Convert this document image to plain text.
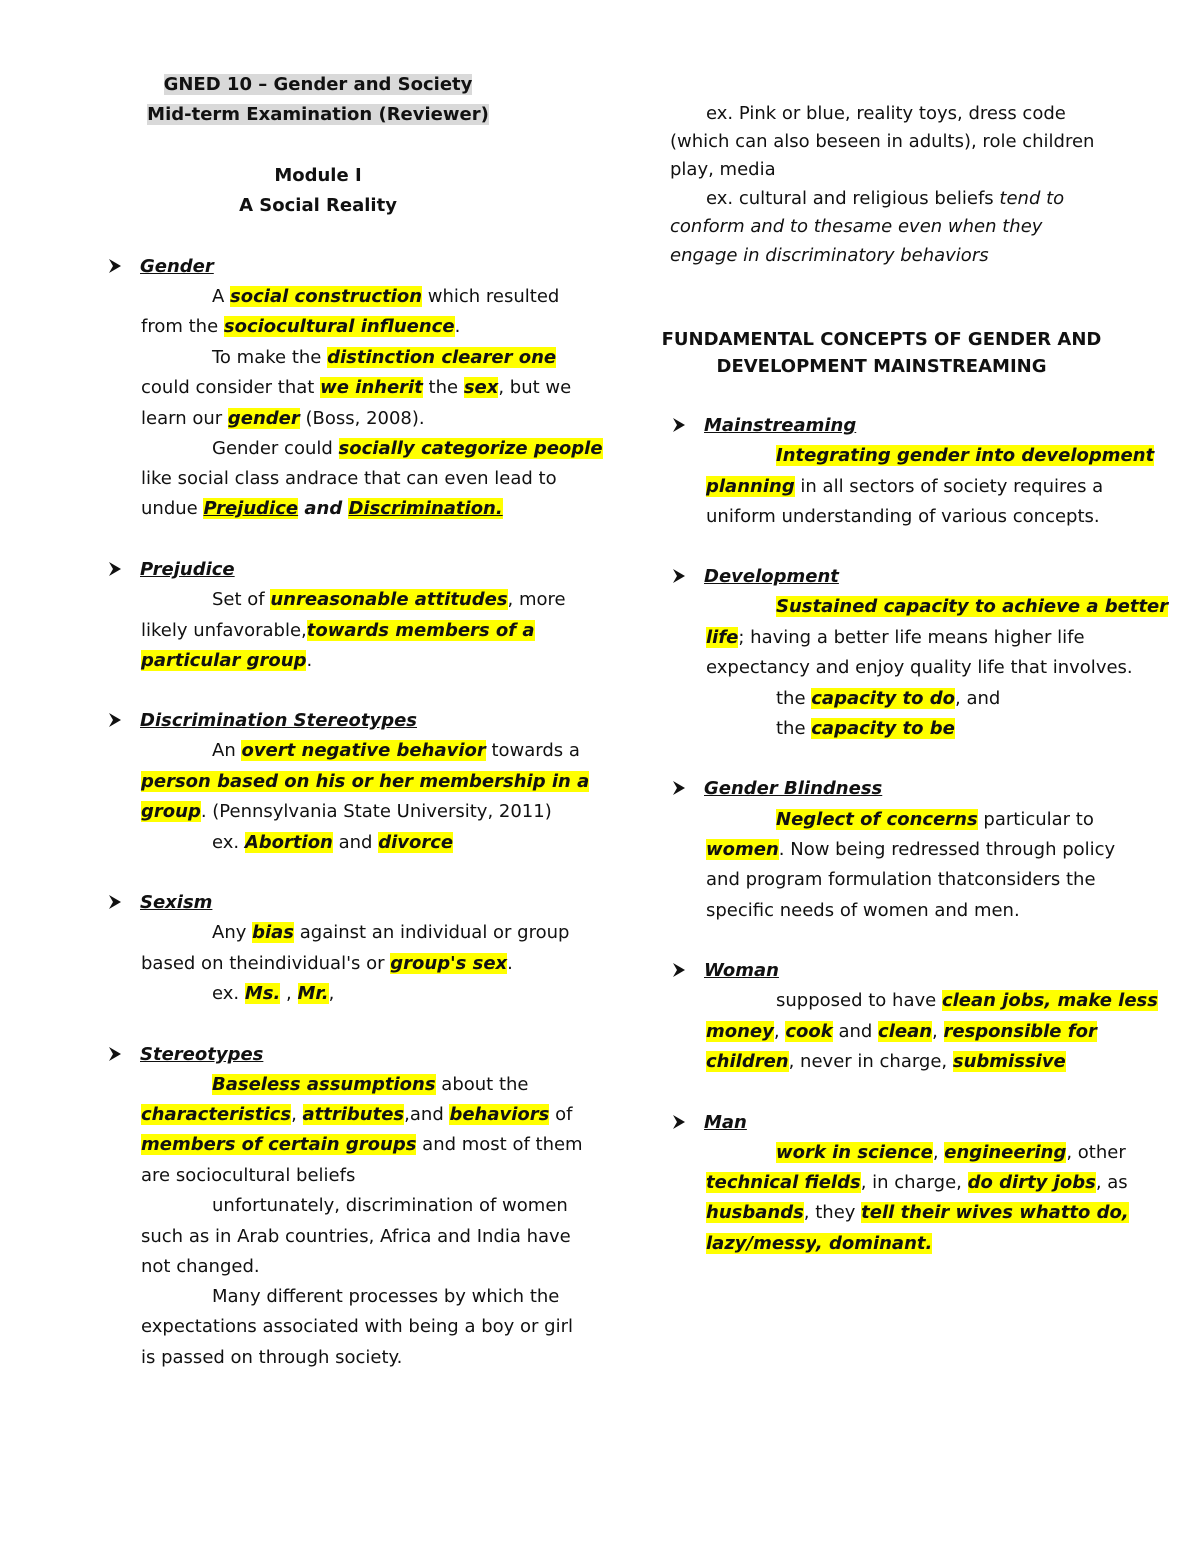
GNED 10 – Gender and Society
Mid-term Examination (Reviewer)
Module I
A Social Reality
Gender
A social construction which resulted
from the sociocultural influence.
To make the distinction clearer one
could consider that we inherit the sex, but we
learn our gender (Boss, 2008).
Gender could socially categorize people
like social class andrace that can even lead to
undue Prejudice and Discrimination.
Prejudice
Set of unreasonable attitudes, more
likely unfavorable,towards members of a
particular group.
Discrimination Stereotypes
An overt negative behavior towards a
person based on his or her membership in a
group. (Pennsylvania State University, 2011)
ex. Abortion and divorce
Sexism
Any bias against an individual or group
based on theindividual's or group's sex.
ex. Ms. , Mr.,
Stereotypes
Baseless assumptions about the
characteristics, attributes,and behaviors of
members of certain groups and most of them
are sociocultural beliefs
unfortunately, discrimination of women
such as in Arab countries, Africa and India have
not changed.
Many different processes by which the
expectations associated with being a boy or girl
is passed on through society.
ex. Pink or blue, reality toys, dress code
(which can also beseen in adults), role children
play, media
ex. cultural and religious beliefs tend to
conform and to thesame even when they
engage in discriminatory behaviors
FUNDAMENTAL CONCEPTS OF GENDER AND
DEVELOPMENT MAINSTREAMING
Mainstreaming
Integrating gender into development
planning in all sectors of society requires a
uniform understanding of various concepts.
Development
Sustained capacity to achieve a better
life; having a better life means higher life
expectancy and enjoy quality life that involves.
the capacity to do, and
the capacity to be
Gender Blindness
Neglect of concerns particular to
women. Now being redressed through policy
and program formulation thatconsiders the
specific needs of women and men.
Woman
supposed to have clean jobs, make less
money, cook and clean, responsible for
children, never in charge, submissive
Man
work in science, engineering, other
technical fields, in charge, do dirty jobs, as
husbands, they tell their wives whatto do,
lazy/messy, dominant.
